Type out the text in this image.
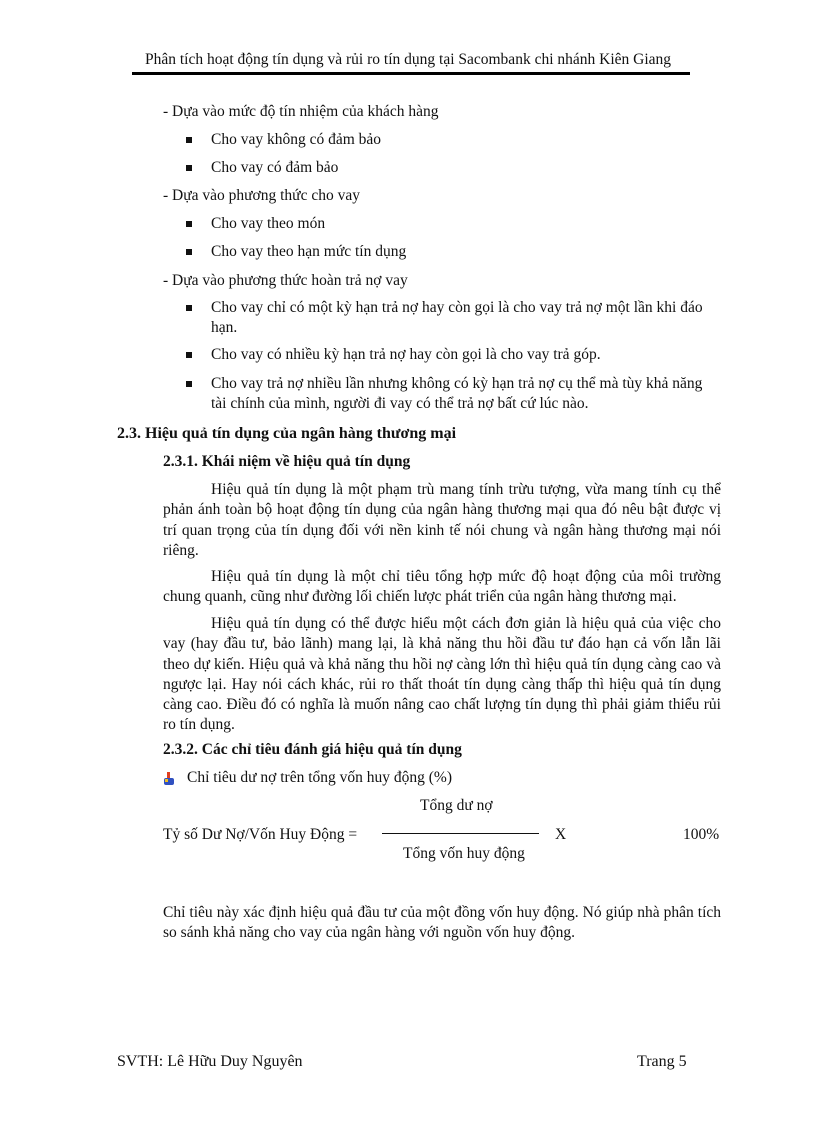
Phân tích hoạt động tín dụng và rủi ro tín dụng tại Sacombank chi nhánh Kiên Giang
- Dựa vào mức độ tín nhiệm của khách hàng
Cho vay không có đảm bảo
Cho vay có đảm bảo
- Dựa vào phương thức cho vay
Cho vay theo món
Cho vay theo hạn mức tín dụng
- Dựa vào phương thức hoàn trả nợ vay
Cho vay chỉ có một kỳ hạn trả nợ hay còn gọi là cho vay trả nợ một lần khi đáo
hạn.
Cho vay có nhiều kỳ hạn trả nợ hay còn gọi là cho vay trả góp.
Cho vay trả nợ nhiều lần nhưng không có kỳ hạn trả nợ cụ thể mà tùy khả năng
tài chính của mình, người đi vay có thể trả nợ bất cứ lúc nào.
2.3. Hiệu quả tín dụng của ngân hàng thương mại
2.3.1. Khái niệm về hiệu quả tín dụng
Hiệu quả tín dụng là một phạm trù mang tính trừu tượng, vừa mang tính cụ thể phản ánh toàn bộ hoạt động tín dụng của ngân hàng thương mại qua đó nêu bật được vị trí quan trọng của tín dụng đối với nền kinh tế nói chung và ngân hàng thương mại nói riêng.
Hiệu quả tín dụng là một chỉ tiêu tổng hợp mức độ hoạt động của môi trường chung quanh, cũng như đường lối chiến lược phát triển của ngân hàng thương mại.
Hiệu quả tín dụng có thể được hiểu một cách đơn giản là hiệu quả của việc cho vay (hay đầu tư, bảo lãnh) mang lại, là khả năng thu hồi đầu tư đáo hạn cả vốn lẫn lãi theo dự kiến. Hiệu quả và khả năng thu hồi nợ càng lớn thì hiệu quả tín dụng càng cao và ngược lại. Hay nói cách khác, rủi ro thất thoát tín dụng càng thấp thì hiệu quả tín dụng càng cao. Điều đó có nghĩa là muốn nâng cao chất lượng tín dụng thì phải giảm thiểu rủi ro tín dụng.
2.3.2. Các chỉ tiêu đánh giá hiệu quả tín dụng
Chỉ tiêu dư nợ trên tổng vốn huy động (%)
Tổng dư nợ
Tỷ số Dư Nợ/Vốn Huy Động =	X	100%
Tổng vốn huy động
Chỉ tiêu này xác định hiệu quả đầu tư của một đồng vốn huy động. Nó giúp nhà phân tích so sánh khả năng cho vay của ngân hàng với nguồn vốn huy động.
SVTH: Lê Hữu Duy Nguyên	Trang 5
